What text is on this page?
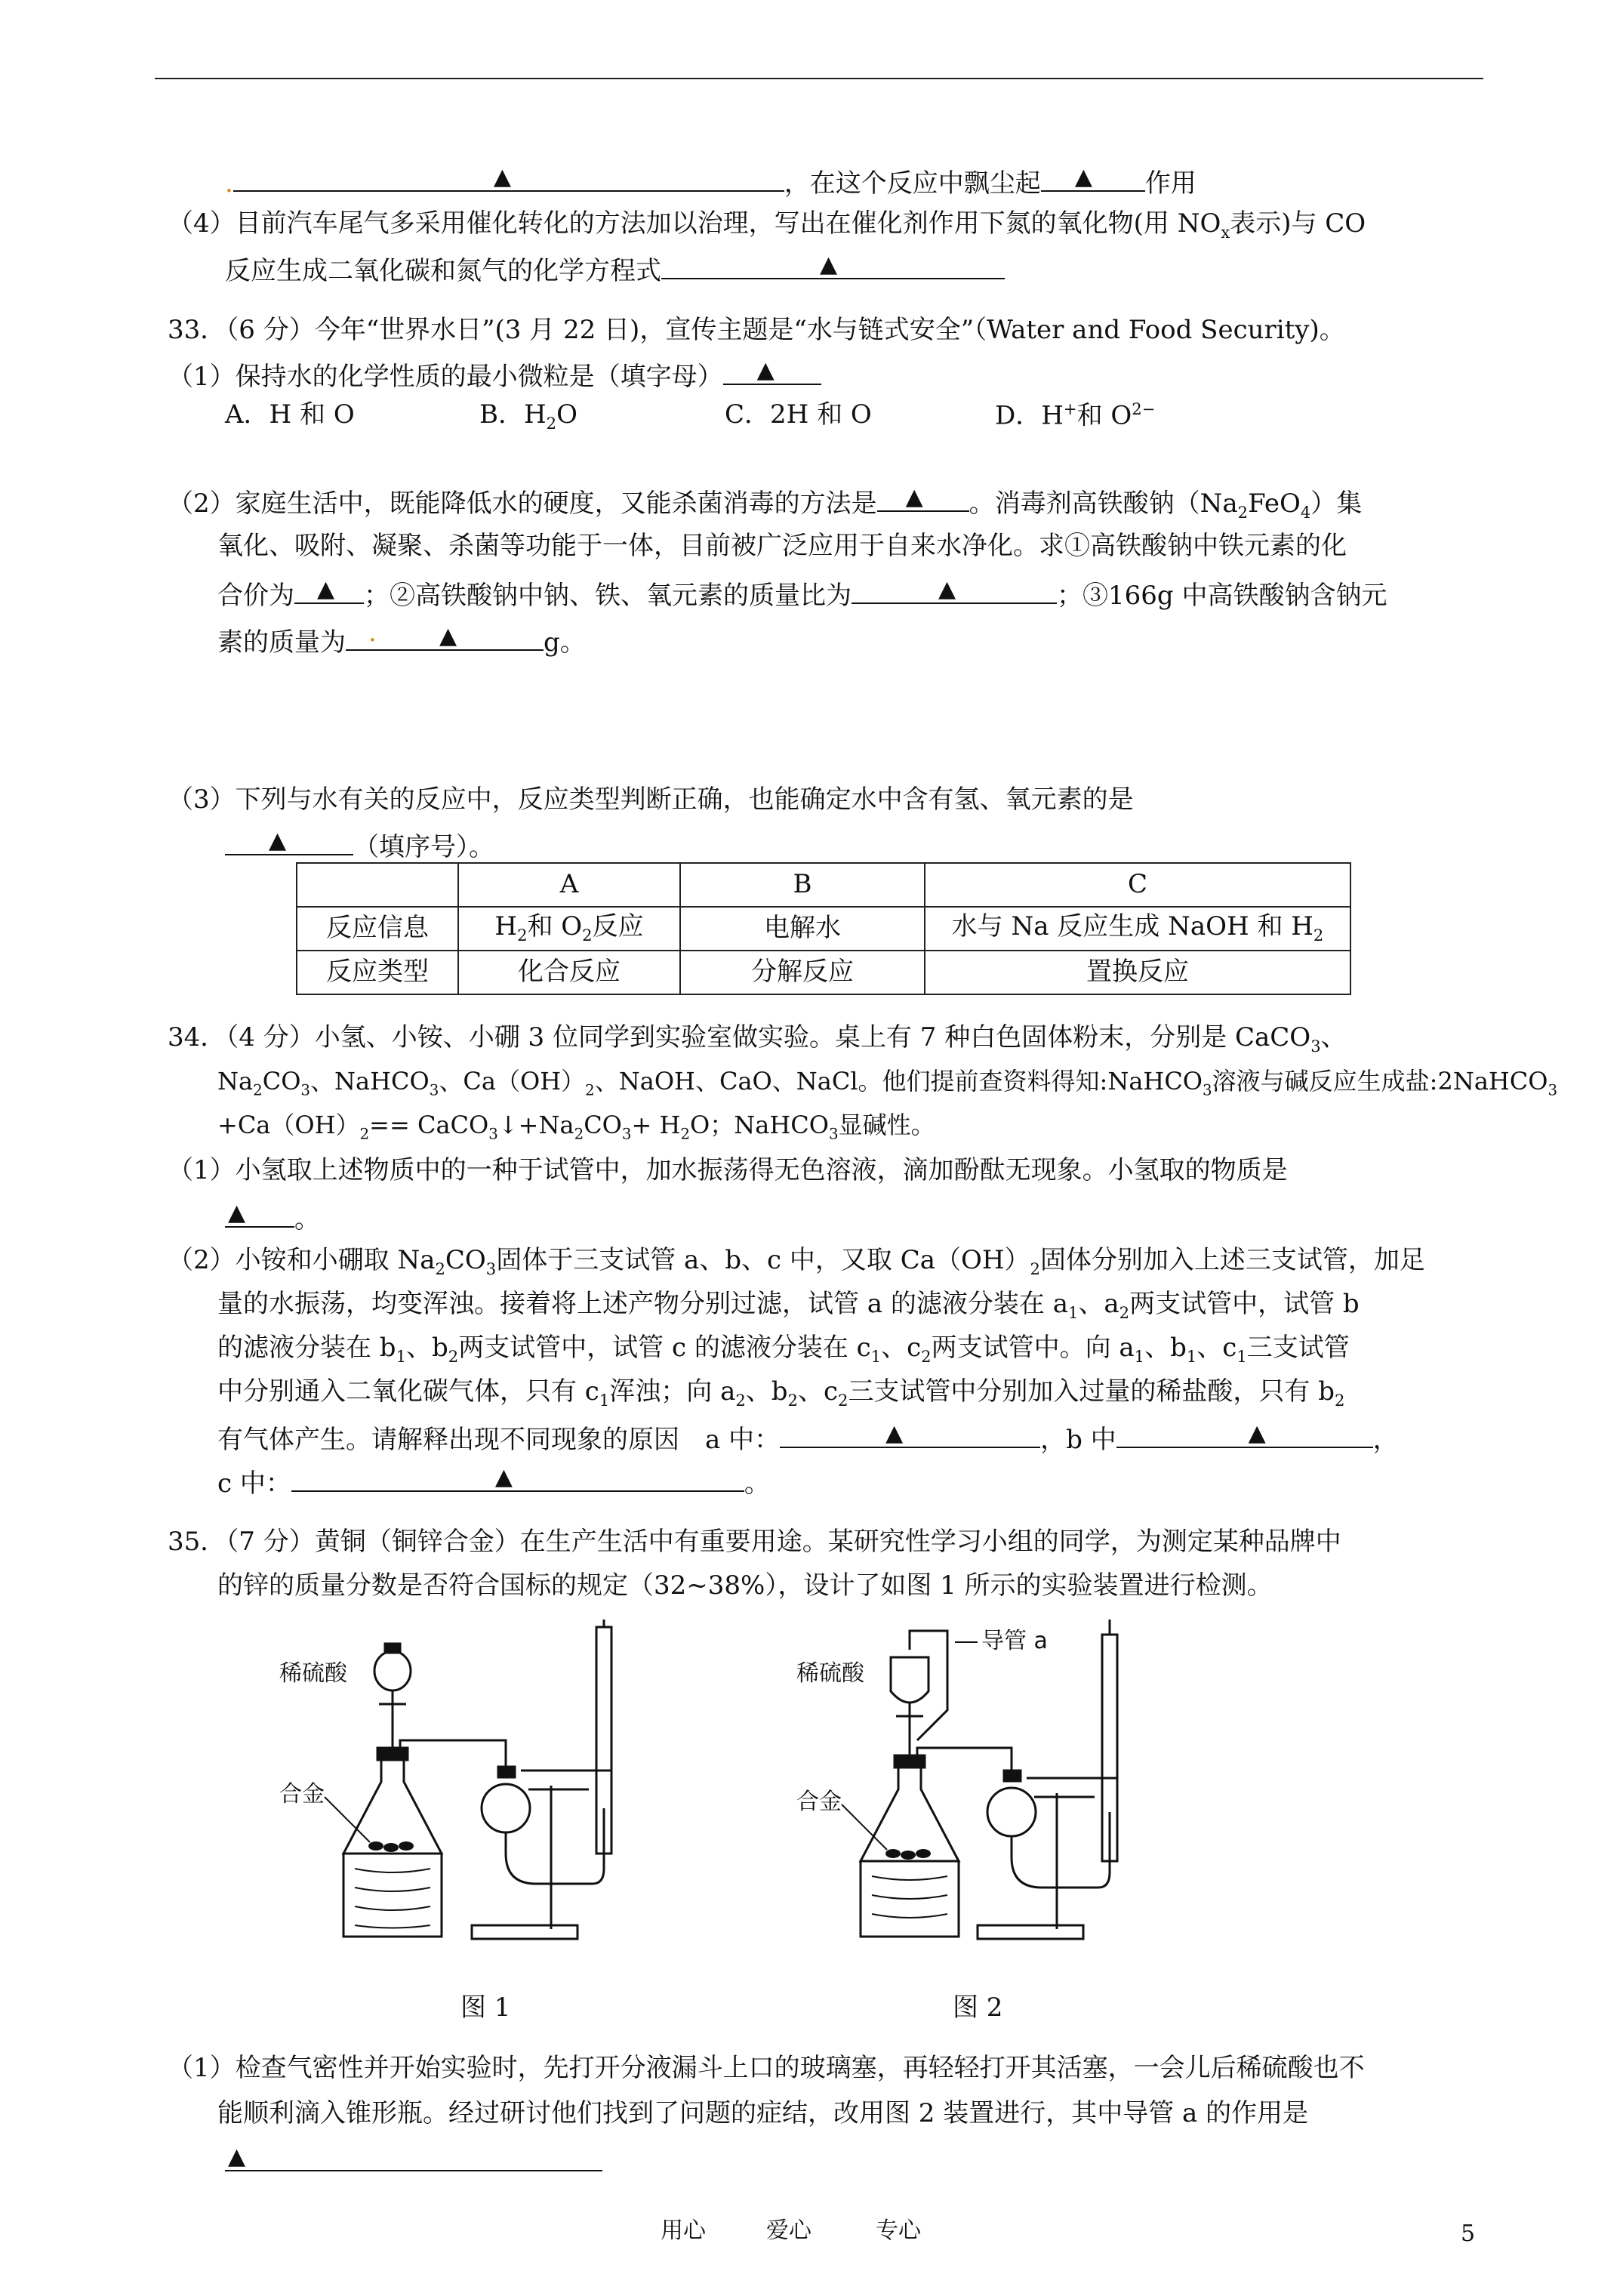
.	▲	，在这个反应中飘尘起 ▲ 作用
（4）目前汽车尾气多采用催化转化的方法加以治理，写出在催化剂作用下氮的氧化物(用 $NO_x$表示)与 CO
反应生成二氧化碳和氮气的化学方程式	▲
33．（6 分）今年“世界水日”(3 月 22 日)，宣传主题是“水与链式安全”（Water and Food Security)。
（1）保持水的化学性质的最小微粒是（填字母） ▲
A．H 和 O	B．$H_2O$	C．2H 和 O	D．H+和 $O^{2-}$
（2）家庭生活中，既能降低水的硬度，又能杀菌消毒的方法是 ▲ 。消毒剂高铁酸钠$(Na_2FeO_4)$集
氧化、吸附、凝聚、杀菌等功能于一体，目前被广泛应用于自来水净化。求①高铁酸钠中铁元素的化
合价为 ▲ ；②高铁酸钠中钠、铁、氧元素的质量比为	▲	；③166g 中高铁酸钠含钠元
素的质量为 .	▲	g。
（3）下列与水有关的反应中，反应类型判断正确，也能确定水中含有氢、氧元素的是
▲	（填序号）。
	A	B	C
反应信息	$H_2$和 $O_2$反应	电解水	水与 Na 反应生成 NaOH 和 $H_2$
反应类型	化合反应	分解反应	置换反应
34．（4 分）小氢、小铵、小硼 3 位同学到实验室做实验。桌上有 7 种白色固体粉末，分别是 CaCO$_3$、
$Na_2CO_3$、NaHCO$_3$、$Ca(OH)_2$、NaOH、CaO、NaCl。他们提前查资料得知:NaHCO$_3$溶液与碱反应生成盐:2NaHCO$_3$
$+Ca(OH)_2==$ $CaCO_3↓+Na_2CO_3+ H_2O$；NaHCO$_3$显碱性。
（1）小氢取上述物质中的一种于试管中，加水振荡得无色溶液，滴加酚酞无现象。小氢取的物质是
▲ 。
（2）小铵和小硼取 $Na_2CO_3$固体于三支试管 a、b、c 中，又取 $Ca(OH)_2$固体分别加入上述三支试管，加足
量的水振荡，均变浑浊。接着将上述产物分别过滤，试管 a 的滤液分装在 $a_1$、$a_2$两支试管中，试管 b
的滤液分装在 $b_1$、$b_2$两支试管中，试管 c 的滤液分装在 $c_1$、$c_2$两支试管中。向 $a_1$、$b_1$、$c_1$三支试管
中分别通入二氧化碳气体，只有 $c_1$浑浊；向 $a_2$、$b_2$、$c_2$三支试管中分别加入过量的稀盐酸，只有 $b_2$
有气体产生。请解释出现不同现象的原因　a 中：	▲	，b 中	▲	，
c 中：	▲	。
35．（7 分）黄铜（铜锌合金）在生产生活中有重要用途。某研究性学习小组的同学，为测定某种品牌中
的锌的质量分数是否符合国标的规定（32~38%），设计了如图 1 所示的实验装置进行检测。
稀硫酸
合金
图 1
稀硫酸
导管 a
合金
图 2
（1）检查气密性并开始实验时，先打开分液漏斗上口的玻璃塞，再轻轻打开其活塞，一会儿后稀硫酸也不
能顺利滴入锥形瓶。经过研讨他们找到了问题的症结，改用图 2 装置进行，其中导管 a 的作用是
▲
用心	爱心	专心	5
